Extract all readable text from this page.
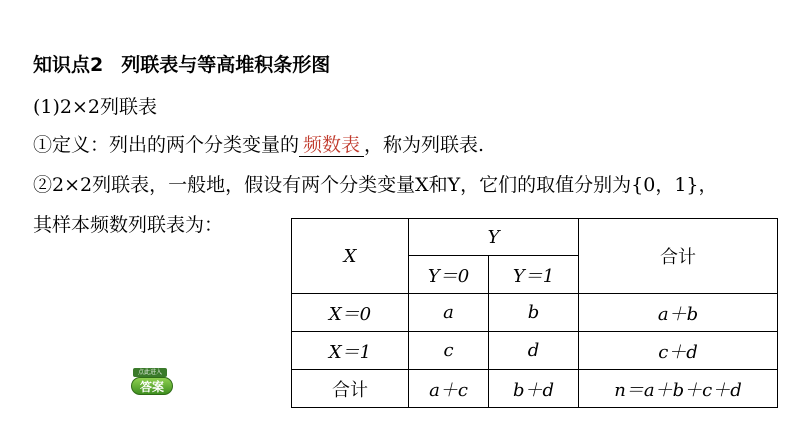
知识点2 列联表与等高堆积条形图
(1)2×2列联表
①定义：列出的两个分类变量的 频数表 ，称为列联表.
②2×2列联表，一般地，假设有两个分类变量X和Y，它们的取值分别为{0，1}，
其样本频数列联表为：
X	Y		合计
	Y＝0	Y＝1	
X＝0	a	b	a＋b
X＝1	c	d	c＋d
合计	a＋c	b＋d	n＝a＋b＋c＋d
点此进入
答案
